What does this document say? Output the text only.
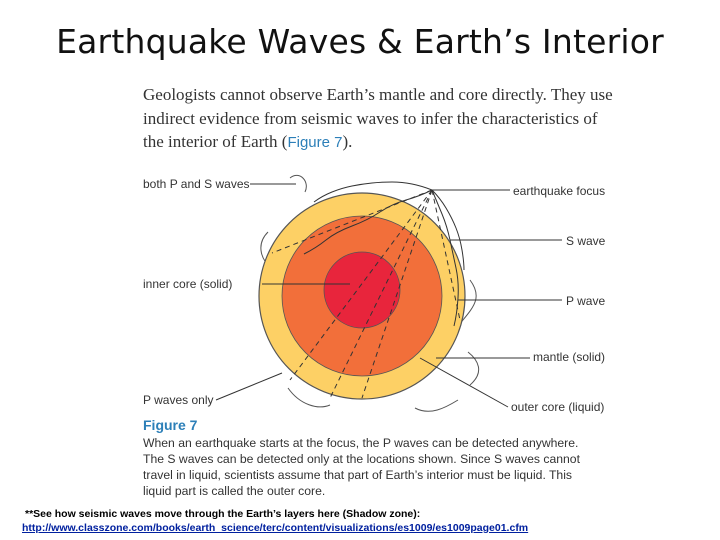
Earthquake Waves & Earth’s Interior
Geologists cannot observe Earth’s mantle and core directly. They use indirect evidence from seismic waves to infer the characteristics of the interior of Earth (Figure 7).
both P and S waves
inner core (solid)
P waves only
earthquake focus
S wave
P wave
mantle (solid)
outer core (liquid)
Figure 7
When an earthquake starts at the focus, the P waves can be detected anywhere. The S waves can be detected only at the locations shown. Since S waves cannot travel in liquid, scientists assume that part of Earth’s interior must be liquid. This liquid part is called the outer core.
**See how seismic waves move through the Earth’s layers here (Shadow zone):
http://www.classzone.com/books/earth_science/terc/content/visualizations/es1009/es1009page01.cfm
